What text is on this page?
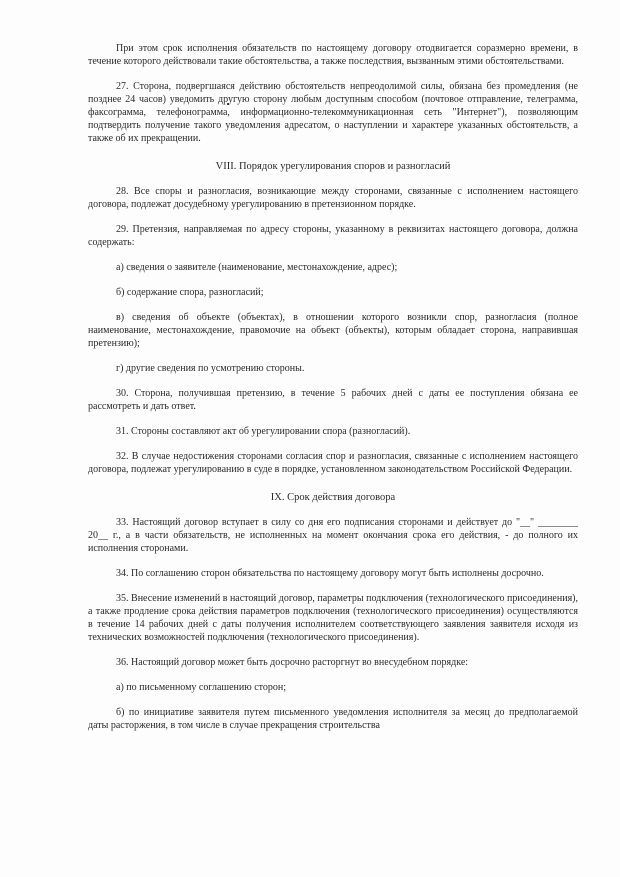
При этом срок исполнения обязательств по настоящему договору отодвигается соразмерно времени, в течение которого действовали такие обстоятельства, а также последствия, вызванным этими обстоятельствами.

27. Сторона, подвергшаяся действию обстоятельств непреодолимой силы, обязана без промедления (не позднее 24 часов) уведомить другую сторону любым доступным способом (почтовое отправление, телеграмма, факсограмма, телефонограмма, информационно-телекоммуникационная сеть "Интернет"), позволяющим подтвердить получение такого уведомления адресатом, о наступлении и характере указанных обстоятельств, а также об их прекращении.

VIII. Порядок урегулирования споров и разногласий

28. Все споры и разногласия, возникающие между сторонами, связанные с исполнением настоящего договора, подлежат досудебному урегулированию в претензионном порядке.

29. Претензия, направляемая по адресу стороны, указанному в реквизитах настоящего договора, должна содержать:

а) сведения о заявителе (наименование, местонахождение, адрес);

б) содержание спора, разногласий;

в) сведения об объекте (объектах), в отношении которого возникли спор, разногласия (полное наименование, местонахождение, правомочие на объект (объекты), которым обладает сторона, направившая претензию);

г) другие сведения по усмотрению стороны.

30. Сторона, получившая претензию, в течение 5 рабочих дней с даты ее поступления обязана ее рассмотреть и дать ответ.

31. Стороны составляют акт об урегулировании спора (разногласий).

32. В случае недостижения сторонами согласия спор и разногласия, связанные с исполнением настоящего договора, подлежат урегулированию в суде в порядке, установленном законодательством Российской Федерации.

IX. Срок действия договора

33. Настоящий договор вступает в силу со дня его подписания сторонами и действует до "__" ________ 20__ г., а в части обязательств, не исполненных на момент окончания срока его действия, - до полного их исполнения сторонами.

34. По соглашению сторон обязательства по настоящему договору могут быть исполнены досрочно.

35. Внесение изменений в настоящий договор, параметры подключения (технологического присоединения), а также продление срока действия параметров подключения (технологического присоединения) осуществляются в течение 14 рабочих дней с даты получения исполнителем соответствующего заявления заявителя исходя из технических возможностей подключения (технологического присоединения).

36. Настоящий договор может быть досрочно расторгнут во внесудебном порядке:

а) по письменному соглашению сторон;

б) по инициативе заявителя путем письменного уведомления исполнителя за месяц до предполагаемой даты расторжения, в том числе в случае прекращения строительства
